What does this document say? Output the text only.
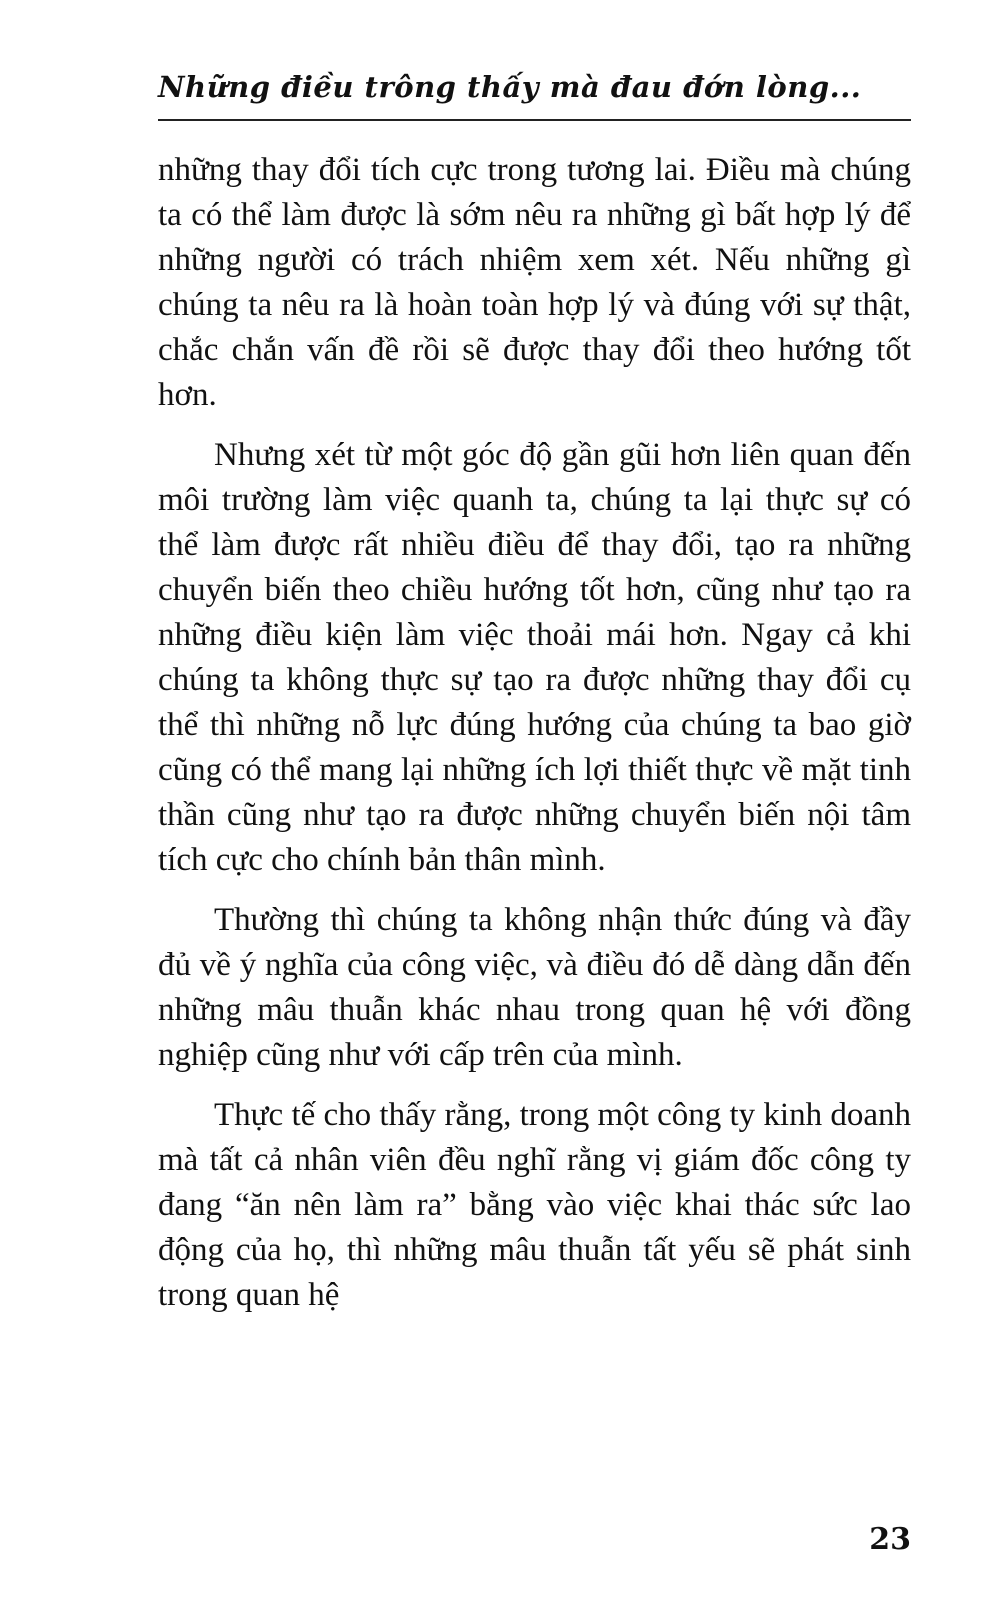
Những điều trông thấy mà đau đớn lòng...

những thay đổi tích cực trong tương lai. Điều mà chúng ta có thể làm được là sớm nêu ra những gì bất hợp lý để những người có trách nhiệm xem xét. Nếu những gì chúng ta nêu ra là hoàn toàn hợp lý và đúng với sự thật, chắc chắn vấn đề rồi sẽ được thay đổi theo hướng tốt hơn.

Nhưng xét từ một góc độ gần gũi hơn liên quan đến môi trường làm việc quanh ta, chúng ta lại thực sự có thể làm được rất nhiều điều để thay đổi, tạo ra những chuyển biến theo chiều hướng tốt hơn, cũng như tạo ra những điều kiện làm việc thoải mái hơn. Ngay cả khi chúng ta không thực sự tạo ra được những thay đổi cụ thể thì những nỗ lực đúng hướng của chúng ta bao giờ cũng có thể mang lại những ích lợi thiết thực về mặt tinh thần cũng như tạo ra được những chuyển biến nội tâm tích cực cho chính bản thân mình.

Thường thì chúng ta không nhận thức đúng và đầy đủ về ý nghĩa của công việc, và điều đó dễ dàng dẫn đến những mâu thuẫn khác nhau trong quan hệ với đồng nghiệp cũng như với cấp trên của mình.

Thực tế cho thấy rằng, trong một công ty kinh doanh mà tất cả nhân viên đều nghĩ rằng vị giám đốc công ty đang “ăn nên làm ra” bằng vào việc khai thác sức lao động của họ, thì những mâu thuẫn tất yếu sẽ phát sinh trong quan hệ

23
